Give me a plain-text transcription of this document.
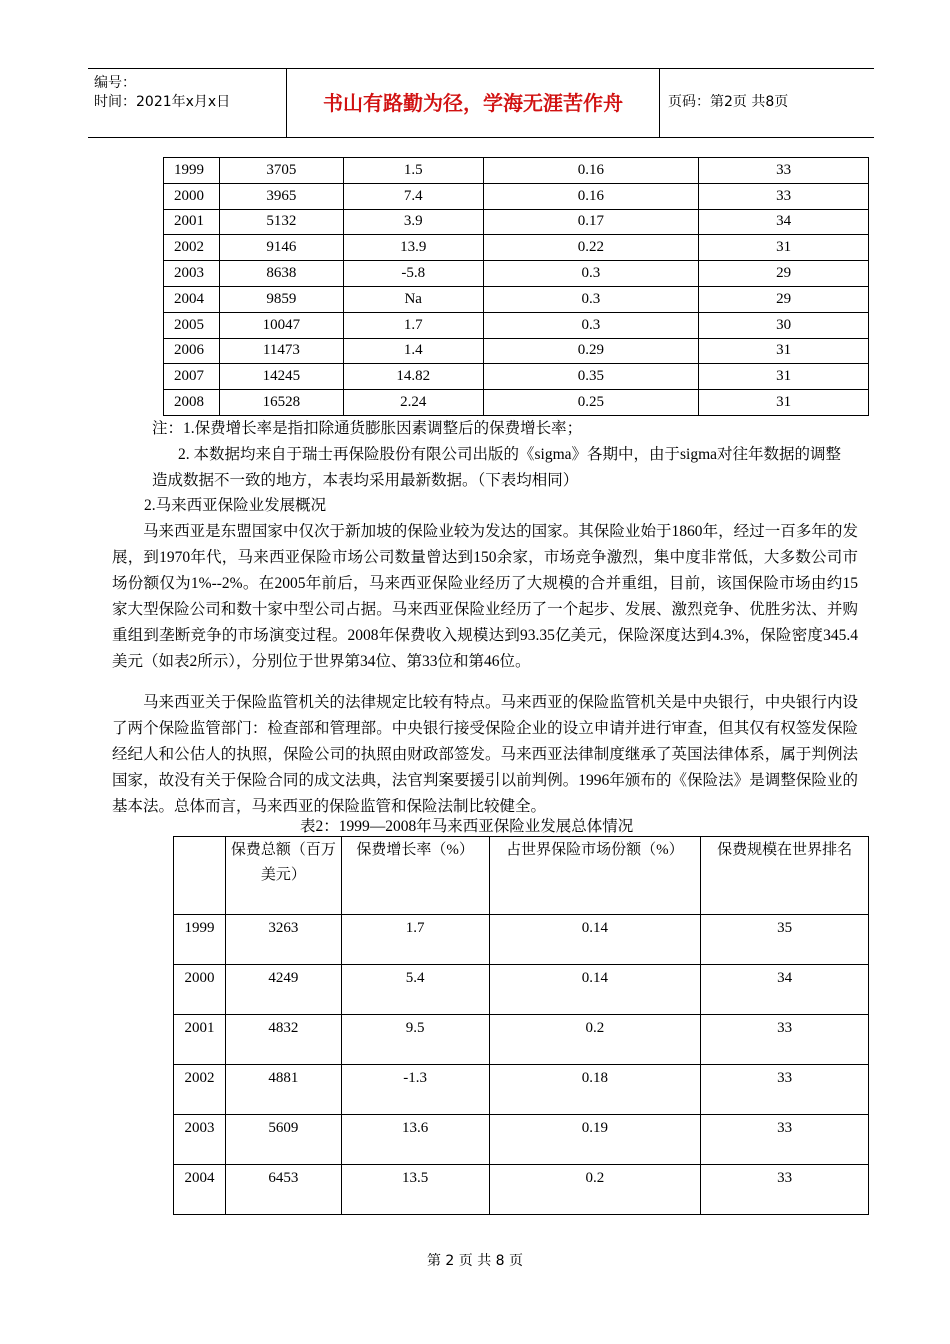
编号：
时间：2021年x月x日	书山有路勤为径，学海无涯苦作舟	页码：第2页 共8页
1999	3705	1.5	0.16	33
2000	3965	7.4	0.16	33
2001	5132	3.9	0.17	34
2002	9146	13.9	0.22	31
2003	8638	-5.8	0.3	29
2004	9859	Na	0.3	29
2005	10047	1.7	0.3	30
2006	11473	1.4	0.29	31
2007	14245	14.82	0.35	31
2008	16528	2.24	0.25	31
注：1.保费增长率是指扣除通货膨胀因素调整后的保费增长率；
2. 本数据均来自于瑞士再保险股份有限公司出版的《sigma》各期中，由于sigma对往年数据的调整造成数据不一致的地方，本表均采用最新数据。（下表均相同）
2.马来西亚保险业发展概况
马来西亚是东盟国家中仅次于新加坡的保险业较为发达的国家。其保险业始于1860年，经过一百多年的发展，到1970年代，马来西亚保险市场公司数量曾达到150余家，市场竞争激烈，集中度非常低，大多数公司市场份额仅为1%--2%。在2005年前后，马来西亚保险业经历了大规模的合并重组，目前，该国保险市场由约15家大型保险公司和数十家中型公司占据。马来西亚保险业经历了一个起步、发展、激烈竞争、优胜劣汰、并购重组到垄断竞争的市场演变过程。2008年保费收入规模达到93.35亿美元，保险深度达到4.3%，保险密度345.4美元（如表2所示），分别位于世界第34位、第33位和第46位。
马来西亚关于保险监管机关的法律规定比较有特点。马来西亚的保险监管机关是中央银行，中央银行内设了两个保险监管部门：检查部和管理部。中央银行接受保险企业的设立申请并进行审查，但其仅有权签发保险经纪人和公估人的执照，保险公司的执照由财政部签发。马来西亚法律制度继承了英国法律体系，属于判例法国家，故没有关于保险合同的成文法典，法官判案要援引以前判例。1996年颁布的《保险法》是调整保险业的基本法。总体而言，马来西亚的保险监管和保险法制比较健全。
表2：1999—2008年马来西亚保险业发展总体情况
	保费总额（百万美元）	保费增长率（%）	占世界保险市场份额（%）	保费规模在世界排名
1999	3263	1.7	0.14	35
2000	4249	5.4	0.14	34
2001	4832	9.5	0.2	33
2002	4881	-1.3	0.18	33
2003	5609	13.6	0.19	33
2004	6453	13.5	0.2	33
第 2 页 共 8 页
